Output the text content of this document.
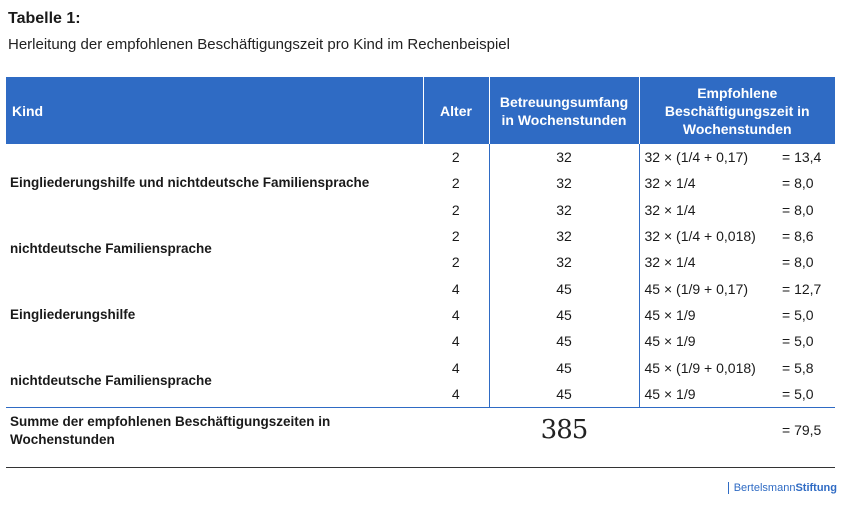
Tabelle 1:
Herleitung der empfohlenen Beschäftigungszeit pro Kind im Rechenbeispiel
Kind	Alter	Betreuungsumfang in Wochenstunden	Empfohlene Beschäftigungszeit in Wochenstunden	
Eingliederungshilfe und nichtdeutsche Familiensprache	2	32	32 × (1/4 + 0,17)	= 13,4
	2	32	32 × 1/4	= 8,0
	2	32	32 × 1/4	= 8,0
nichtdeutsche Familiensprache	2	32	32 × (1/4 + 0,018)	= 8,6
	2	32	32 × 1/4	= 8,0
Eingliederungshilfe	4	45	45 × (1/9 + 0,17)	= 12,7
	4	45	45 × 1/9	= 5,0
	4	45	45 × 1/9	= 5,0
nichtdeutsche Familiensprache	4	45	45 × (1/9 + 0,018)	= 5,8
	4	45	45 × 1/9	= 5,0
Summe der empfohlenen Beschäftigungszeiten in Wochenstunden		385		= 79,5
BertelsmannStiftung
